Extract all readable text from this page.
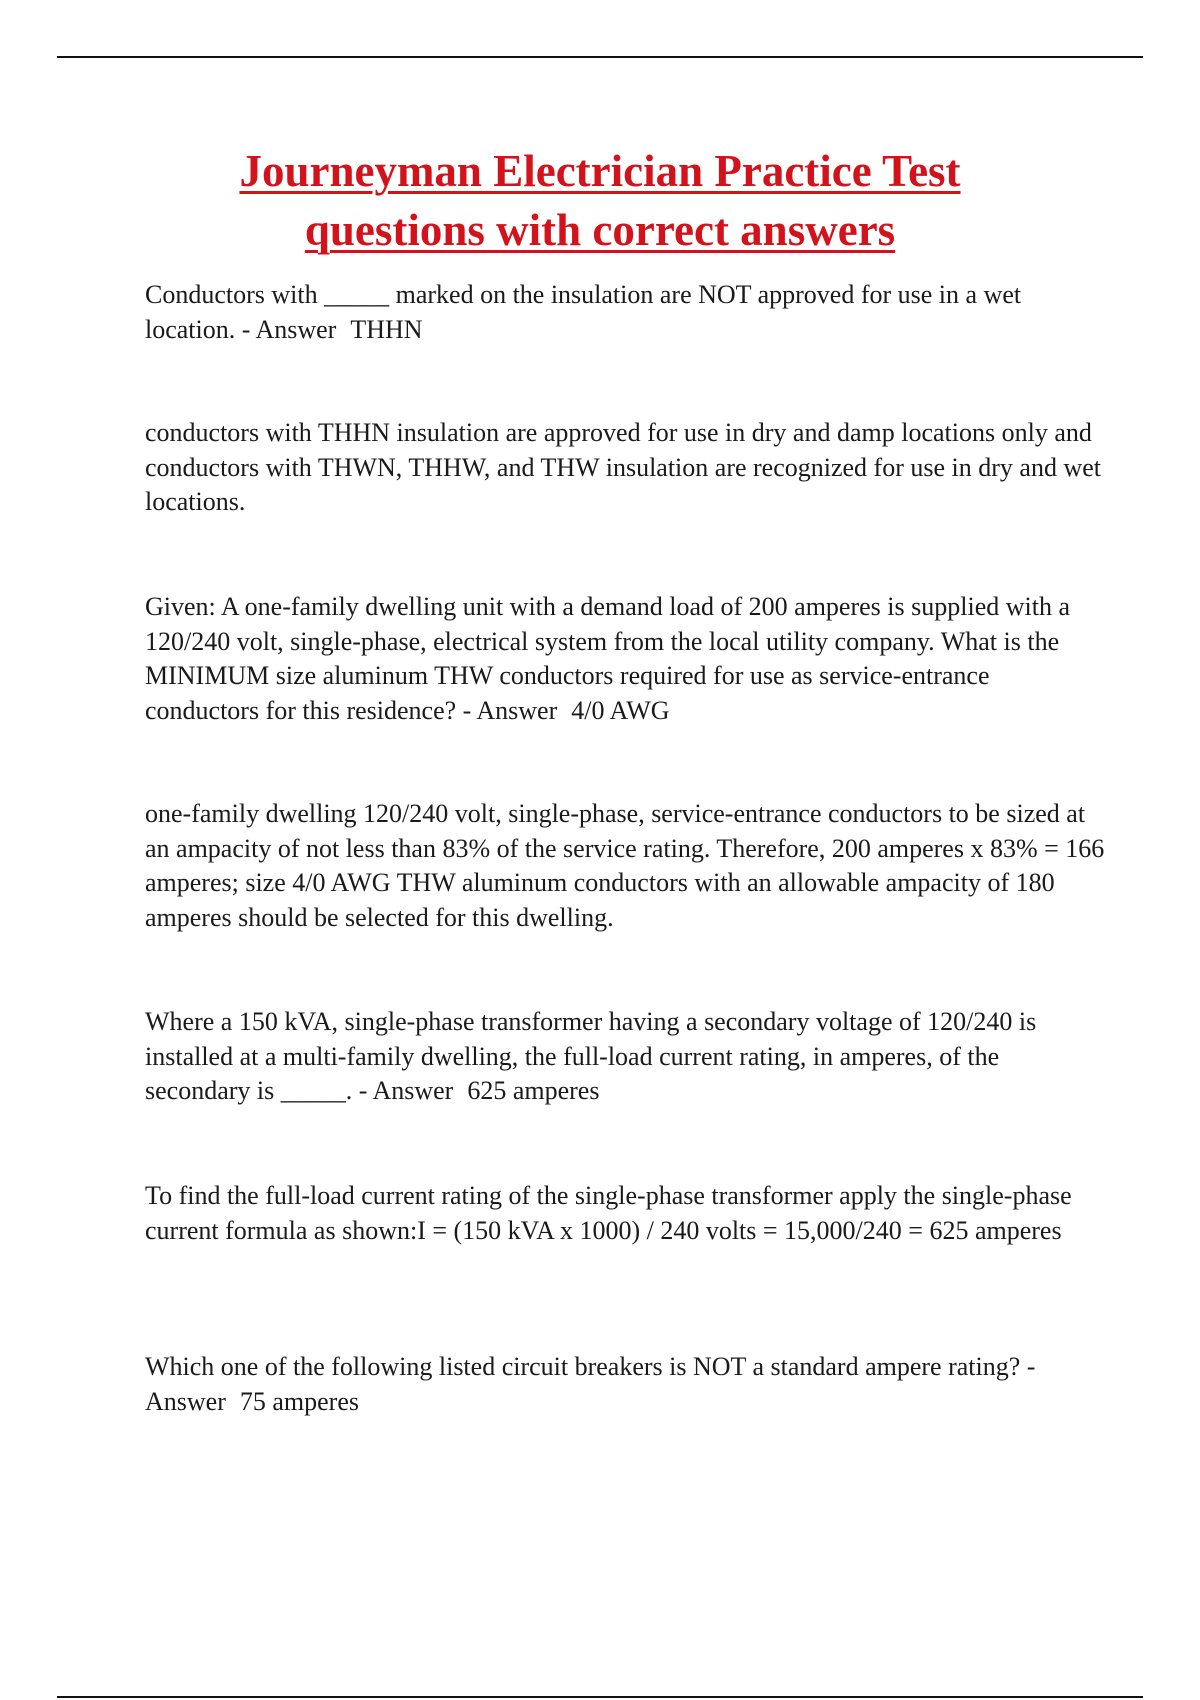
Journeyman Electrician Practice Test
questions with correct answers

Conductors with _____ marked on the insulation are NOT approved for use in a wet location. - Answer THHN

conductors with THHN insulation are approved for use in dry and damp locations only and conductors with THWN, THHW, and THW insulation are recognized for use in dry and wet locations.

Given: A one-family dwelling unit with a demand load of 200 amperes is supplied with a 120/240 volt, single-phase, electrical system from the local utility company. What is the MINIMUM size aluminum THW conductors required for use as service-entrance conductors for this residence? - Answer 4/0 AWG

one-family dwelling 120/240 volt, single-phase, service-entrance conductors to be sized at an ampacity of not less than 83% of the service rating. Therefore, 200 amperes x 83% = 166 amperes; size 4/0 AWG THW aluminum conductors with an allowable ampacity of 180 amperes should be selected for this dwelling.

Where a 150 kVA, single-phase transformer having a secondary voltage of 120/240 is installed at a multi-family dwelling, the full-load current rating, in amperes, of the secondary is _____. - Answer 625 amperes

To find the full-load current rating of the single-phase transformer apply the single-phase current formula as shown:I = (150 kVA x 1000) / 240 volts = 15,000/240 = 625 amperes

Which one of the following listed circuit breakers is NOT a standard ampere rating? - Answer 75 amperes
